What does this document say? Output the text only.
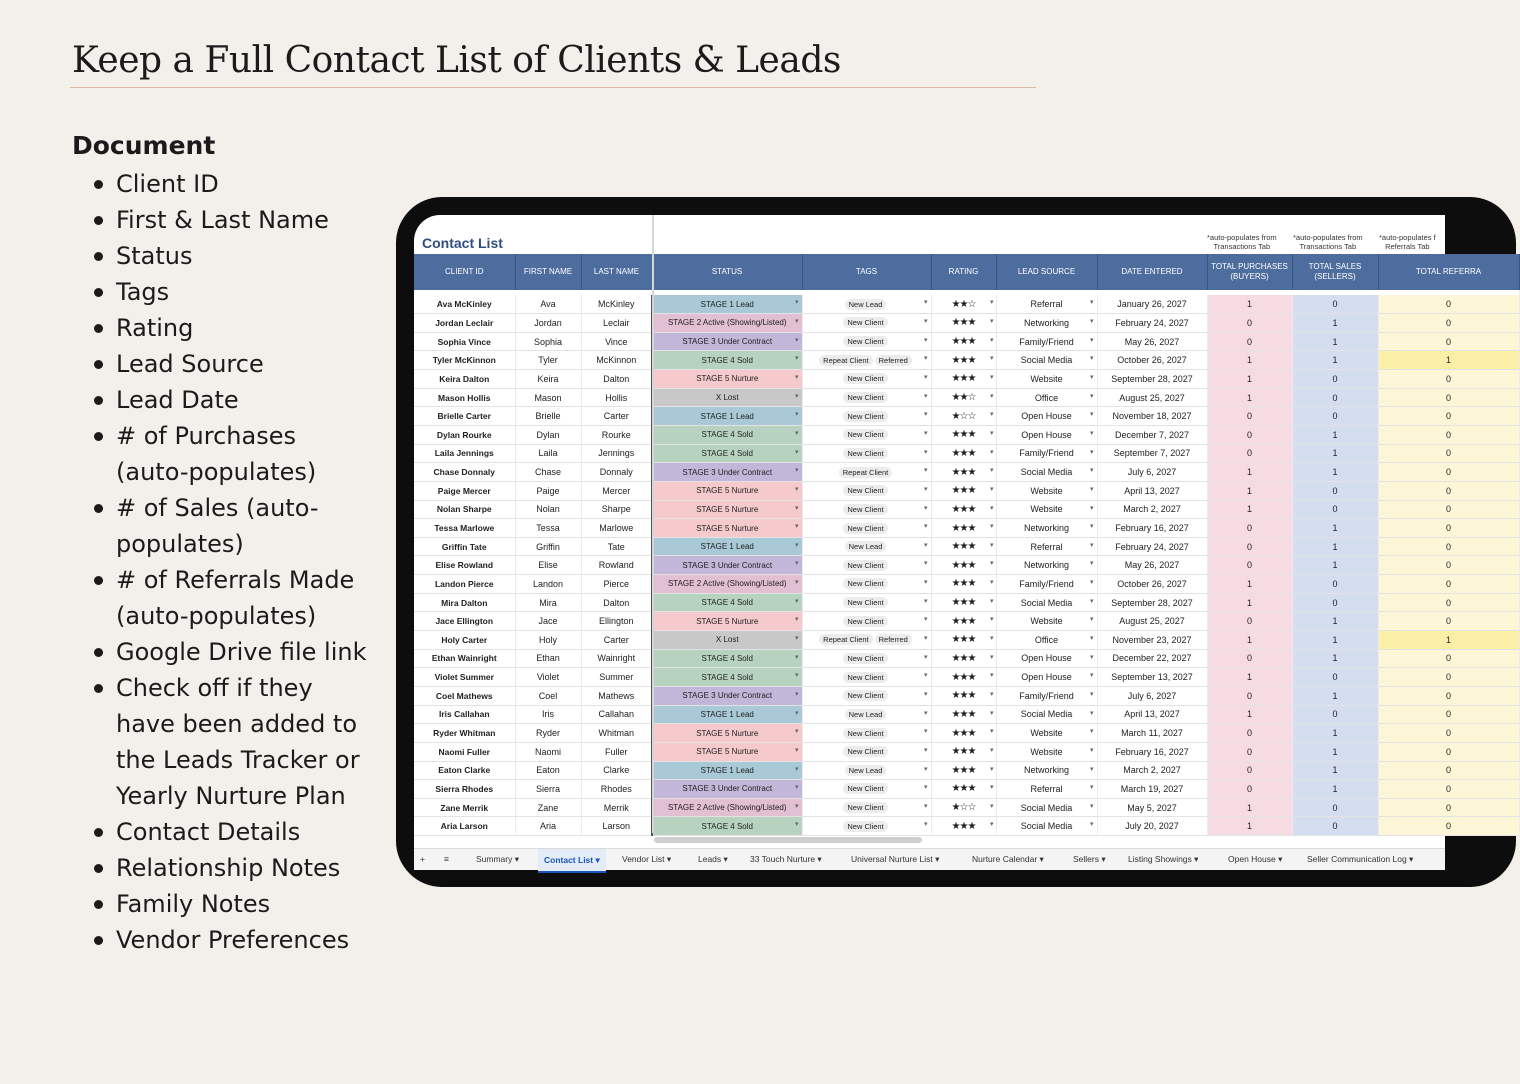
Keep a Full Contact List of Clients & Leads
Document
Client ID
First & Last Name
Status
Tags
Rating
Lead Source
Lead Date
# of Purchases (auto-populates)
# of Sales (auto-populates)
# of Referrals Made (auto-populates)
Google Drive file link
Check off if they have been added to the Leads Tracker or Yearly Nurture Plan
Contact Details
Relationship Notes
Family Notes
Vendor Preferences
Contact List	*auto-populates from
Transactions Tab
*auto-populates from
Transactions Tab
*auto-populates f
Referrals Tab
CLIENT ID	FIRST NAME	LAST NAME	STATUS	TAGS	RATING	LEAD SOURCE	DATE ENTERED	TOTAL PURCHASES (BUYERS)	TOTAL SALES (SELLERS)	TOTAL REFERRA

Ava McKinley	Ava	McKinley	STAGE 1 Lead ▾	New Lead ▾	★★☆ ▾	Referral ▾	January 26, 2027	1	0	0
Jordan Leclair	Jordan	Leclair	STAGE 2 Active (Showing/Listed) ▾	New Client ▾	★★★ ▾	Networking ▾	February 24, 2027	0	1	0
Sophia Vince	Sophia	Vince	STAGE 3 Under Contract ▾	New Client ▾	★★★ ▾	Family/Friend ▾	May 26, 2027	0	1	0
Tyler McKinnon	Tyler	McKinnon	STAGE 4 Sold ▾	Repeat Client Referred ▾	★★★ ▾	Social Media ▾	October 26, 2027	1	1	1
Keira Dalton	Keira	Dalton	STAGE 5 Nurture ▾	New Client ▾	★★★ ▾	Website ▾	September 28, 2027	1	0	0
Mason Hollis	Mason	Hollis	X Lost ▾	New Client ▾	★★☆ ▾	Office ▾	August 25, 2027	1	0	0
Brielle Carter	Brielle	Carter	STAGE 1 Lead ▾	New Client ▾	★☆☆ ▾	Open House ▾	November 18, 2027	0	0	0
Dylan Rourke	Dylan	Rourke	STAGE 4 Sold ▾	New Client ▾	★★★ ▾	Open House ▾	December 7, 2027	0	1	0
Laila Jennings	Laila	Jennings	STAGE 4 Sold ▾	New Client ▾	★★★ ▾	Family/Friend ▾	September 7, 2027	0	1	0
Chase Donnaly	Chase	Donnaly	STAGE 3 Under Contract ▾	Repeat Client ▾	★★★ ▾	Social Media ▾	July 6, 2027	1	1	0
Paige Mercer	Paige	Mercer	STAGE 5 Nurture ▾	New Client ▾	★★★ ▾	Website ▾	April 13, 2027	1	0	0
Nolan Sharpe	Nolan	Sharpe	STAGE 5 Nurture ▾	New Client ▾	★★★ ▾	Website ▾	March 2, 2027	1	0	0
Tessa Marlowe	Tessa	Marlowe	STAGE 5 Nurture ▾	New Client ▾	★★★ ▾	Networking ▾	February 16, 2027	0	1	0
Griffin Tate	Griffin	Tate	STAGE 1 Lead ▾	New Lead ▾	★★★ ▾	Referral ▾	February 24, 2027	0	1	0
Elise Rowland	Elise	Rowland	STAGE 3 Under Contract ▾	New Client ▾	★★★ ▾	Networking ▾	May 26, 2027	0	1	0
Landon Pierce	Landon	Pierce	STAGE 2 Active (Showing/Listed) ▾	New Client ▾	★★★ ▾	Family/Friend ▾	October 26, 2027	1	0	0
Mira Dalton	Mira	Dalton	STAGE 4 Sold ▾	New Client ▾	★★★ ▾	Social Media ▾	September 28, 2027	1	0	0
Jace Ellington	Jace	Ellington	STAGE 5 Nurture ▾	New Client ▾	★★★ ▾	Website ▾	August 25, 2027	0	1	0
Holy Carter	Holy	Carter	X Lost ▾	Repeat Client Referred ▾	★★★ ▾	Office ▾	November 23, 2027	1	1	1
Ethan Wainright	Ethan	Wainright	STAGE 4 Sold ▾	New Client ▾	★★★ ▾	Open House ▾	December 22, 2027	0	1	0
Violet Summer	Violet	Summer	STAGE 4 Sold ▾	New Client ▾	★★★ ▾	Open House ▾	September 13, 2027	1	0	0
Coel Mathews	Coel	Mathews	STAGE 3 Under Contract ▾	New Client ▾	★★★ ▾	Family/Friend ▾	July 6, 2027	0	1	0
Iris Callahan	Iris	Callahan	STAGE 1 Lead ▾	New Lead ▾	★★★ ▾	Social Media ▾	April 13, 2027	1	0	0
Ryder Whitman	Ryder	Whitman	STAGE 5 Nurture ▾	New Client ▾	★★★ ▾	Website ▾	March 11, 2027	0	1	0
Naomi Fuller	Naomi	Fuller	STAGE 5 Nurture ▾	New Client ▾	★★★ ▾	Website ▾	February 16, 2027	0	1	0
Eaton Clarke	Eaton	Clarke	STAGE 1 Lead ▾	New Lead ▾	★★★ ▾	Networking ▾	March 2, 2027	0	1	0
Sierra Rhodes	Sierra	Rhodes	STAGE 3 Under Contract ▾	New Client ▾	★★★ ▾	Referral ▾	March 19, 2027	0	1	0
Zane Merrik	Zane	Merrik	STAGE 2 Active (Showing/Listed) ▾	New Client ▾	★☆☆ ▾	Social Media ▾	May 5, 2027	1	0	0
Aria Larson	Aria	Larson	STAGE 4 Sold ▾	New Client ▾	★★★ ▾	Social Media ▾	July 20, 2027	1	0	0
+ ≡	Summary ▾	Contact List ▾	Vendor List ▾	Leads ▾	33 Touch Nurture ▾	Universal Nurture List ▾	Nurture Calendar ▾	Sellers ▾	Listing Showings ▾	Open House ▾	Seller Communication Log ▾
